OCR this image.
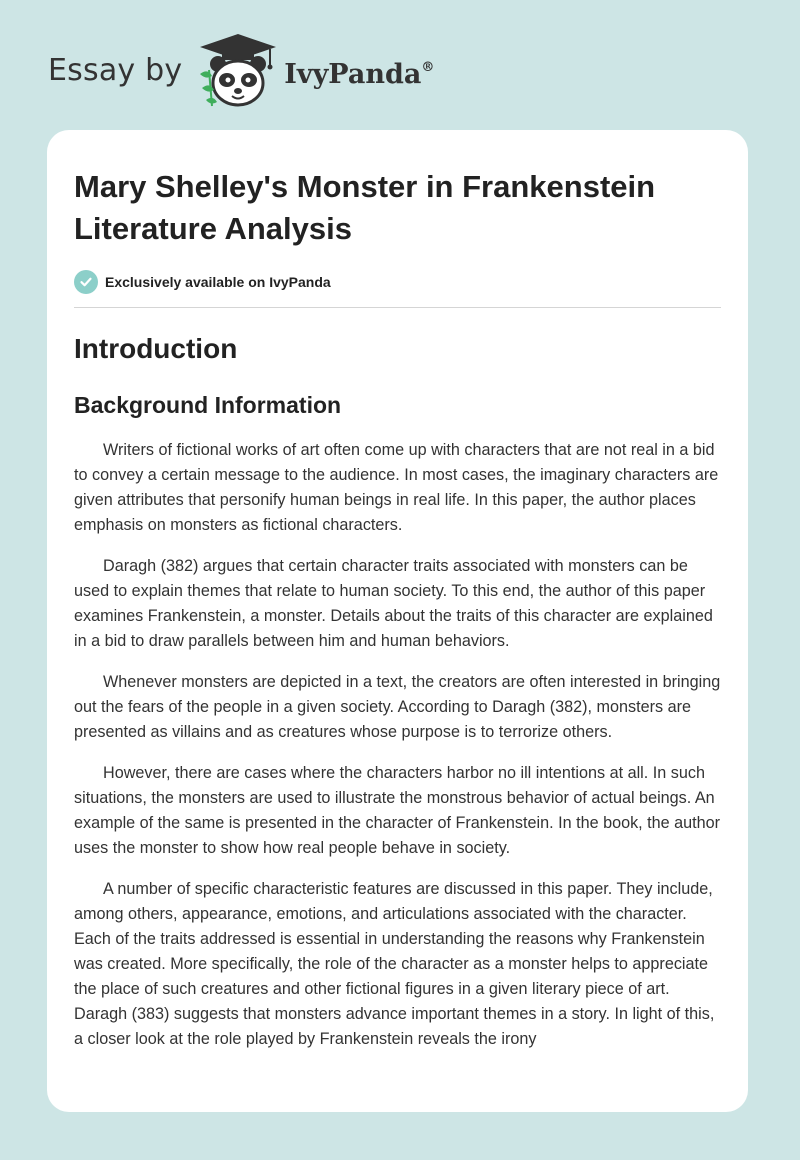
Essay by	IvyPanda®
Mary Shelley's Monster in Frankenstein Literature Analysis
Exclusively available on IvyPanda
Introduction
Background Information

Writers of fictional works of art often come up with characters that are not real in a bid to convey a certain message to the audience. In most cases, the imaginary characters are given attributes that personify human beings in real life. In this paper, the author places emphasis on monsters as fictional characters.

Daragh (382) argues that certain character traits associated with monsters can be used to explain themes that relate to human society. To this end, the author of this paper examines Frankenstein, a monster. Details about the traits of this character are explained in a bid to draw parallels between him and human behaviors.

Whenever monsters are depicted in a text, the creators are often interested in bringing out the fears of the people in a given society. According to Daragh (382), monsters are presented as villains and as creatures whose purpose is to terrorize others.

However, there are cases where the characters harbor no ill intentions at all. In such situations, the monsters are used to illustrate the monstrous behavior of actual beings. An example of the same is presented in the character of Frankenstein. In the book, the author uses the monster to show how real people behave in society.

A number of specific characteristic features are discussed in this paper. They include, among others, appearance, emotions, and articulations associated with the character. Each of the traits addressed is essential in understanding the reasons why Frankenstein was created. More specifically, the role of the character as a monster helps to appreciate the place of such creatures and other fictional figures in a given literary piece of art. Daragh (383) suggests that monsters advance important themes in a story. In light of this, a closer look at the role played by Frankenstein reveals the irony
